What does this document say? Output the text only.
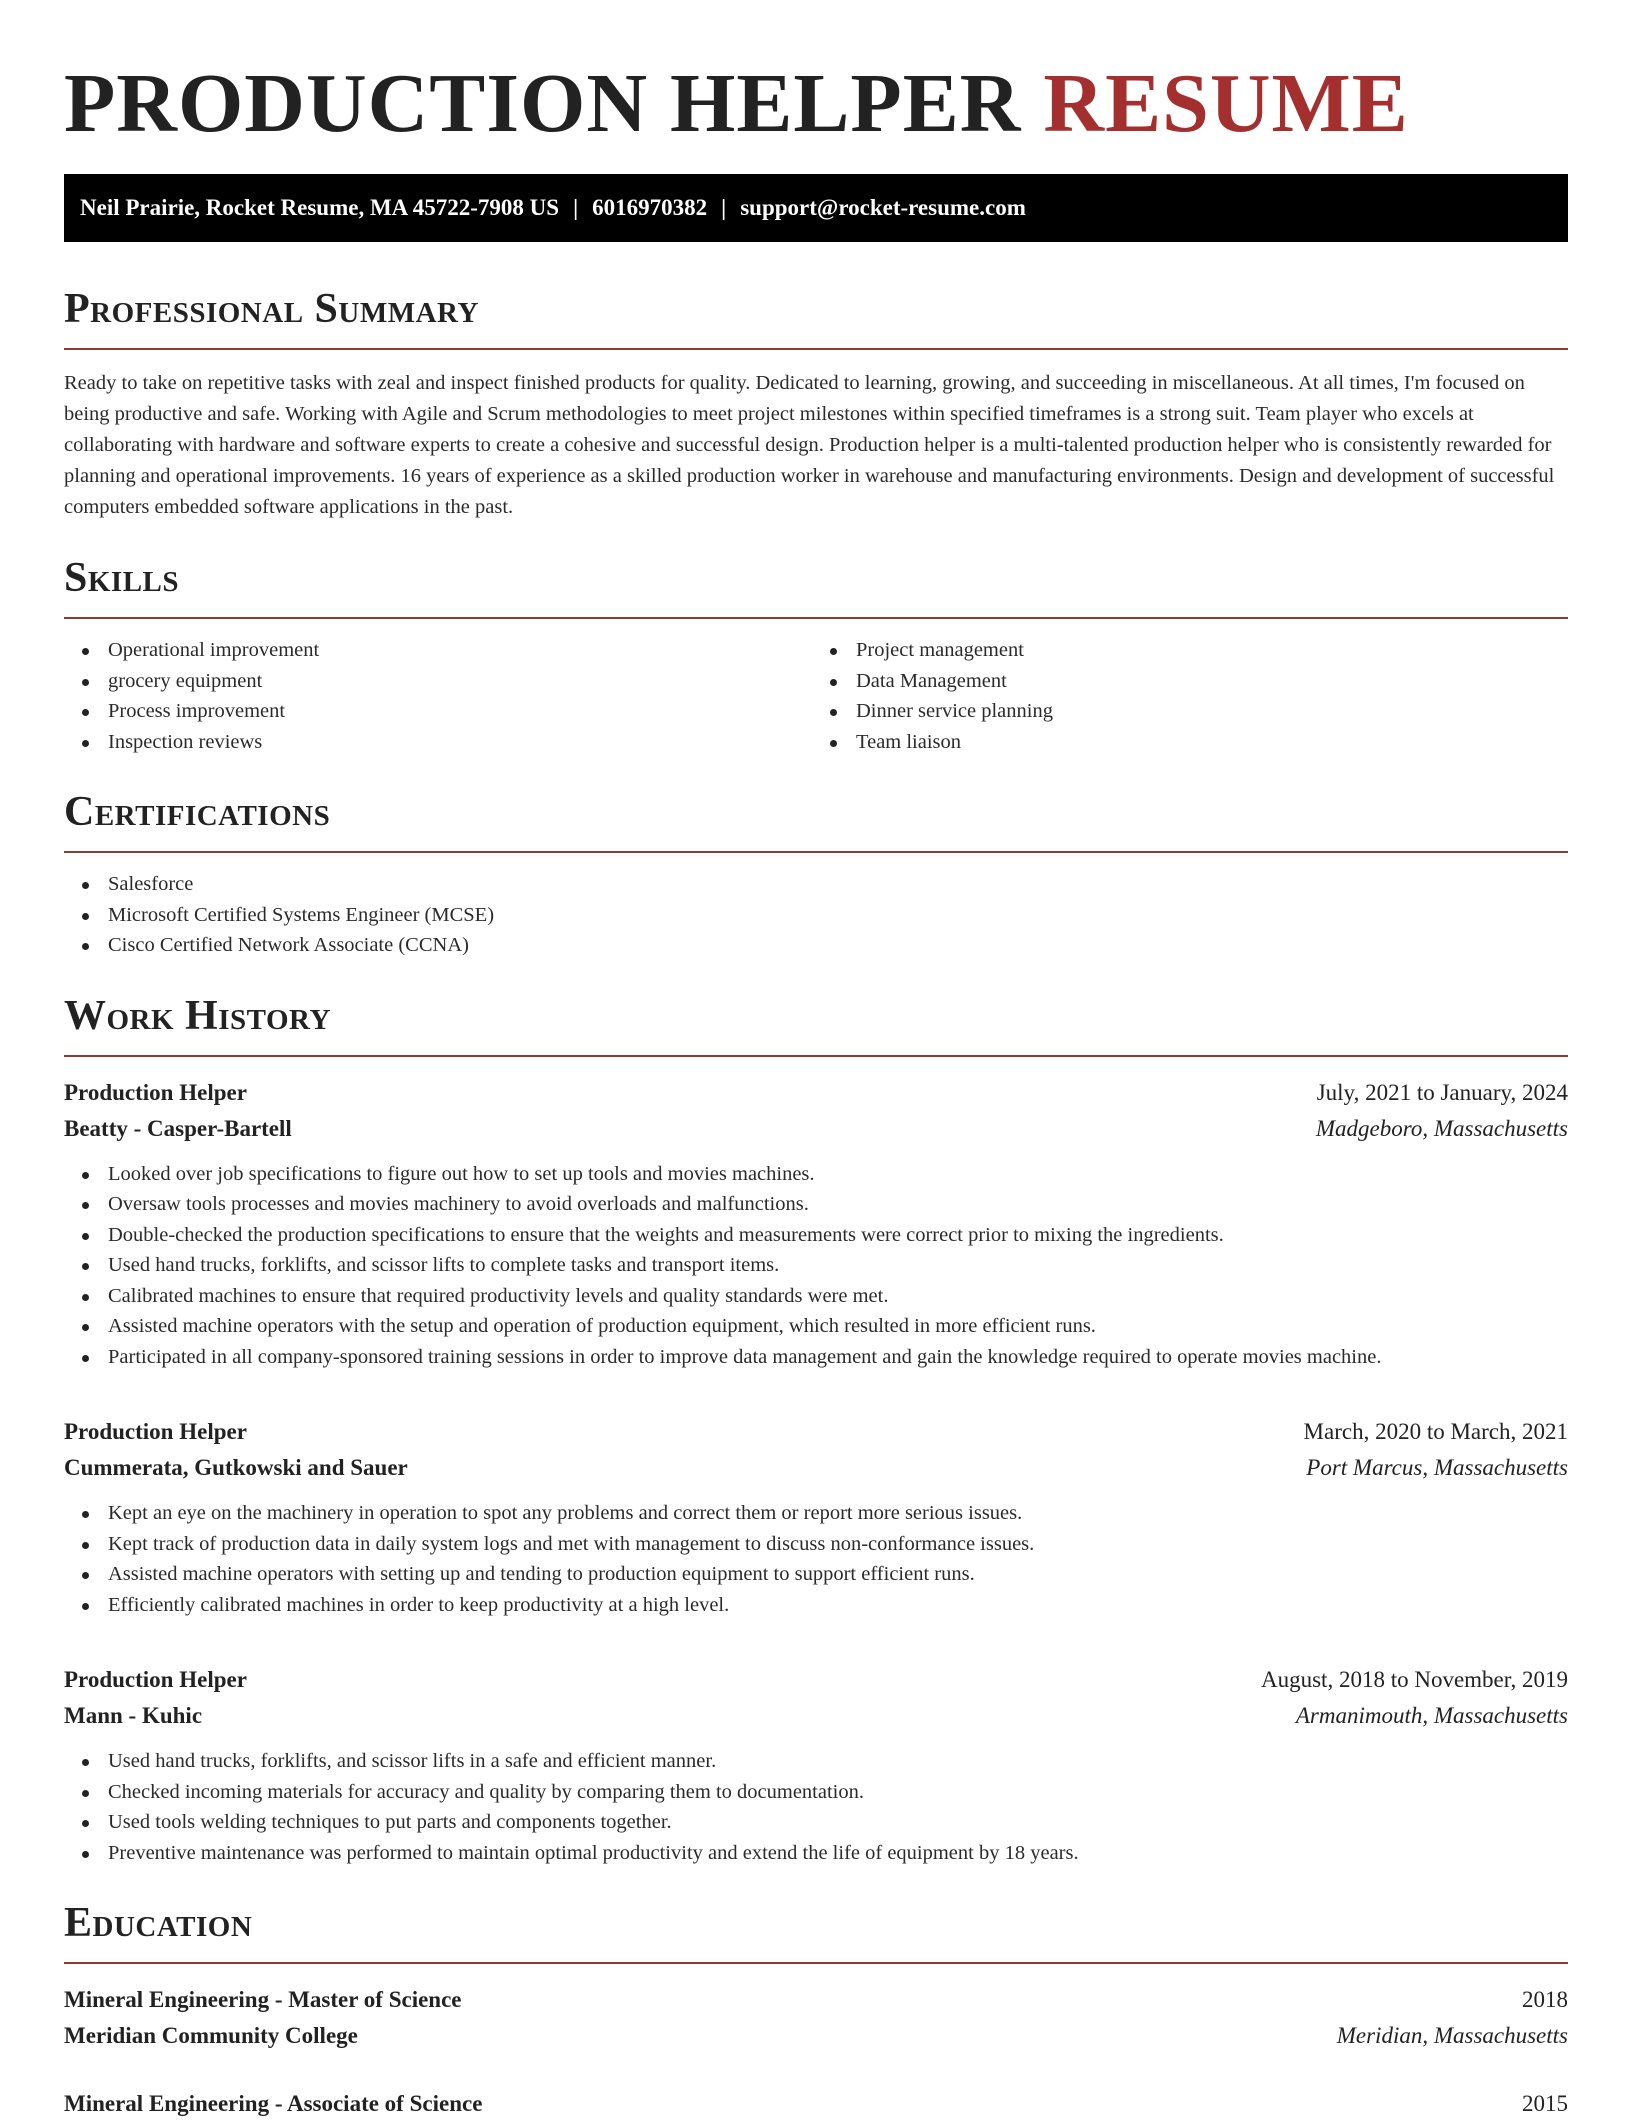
PRODUCTION HELPER RESUME
Neil Prairie, Rocket Resume, MA 45722-7908 US | 6016970382 | support@rocket-resume.com
Professional Summary

Ready to take on repetitive tasks with zeal and inspect finished products for quality. Dedicated to learning, growing, and succeeding in miscellaneous. At all times, I'm focused on being productive and safe. Working with Agile and Scrum methodologies to meet project milestones within specified timeframes is a strong suit. Team player who excels at collaborating with hardware and software experts to create a cohesive and successful design. Production helper is a multi-talented production helper who is consistently rewarded for planning and operational improvements. 16 years of experience as a skilled production worker in warehouse and manufacturing environments. Design and development of successful computers embedded software applications in the past.

Skills
Operational improvement
grocery equipment
Process improvement
Inspection reviews
Project management
Data Management
Dinner service planning
Team liaison
Certifications
Salesforce
Microsoft Certified Systems Engineer (MCSE)
Cisco Certified Network Associate (CCNA)
Work History
Production Helper	July, 2021 to January, 2024
Beatty - Casper-Bartell	Madgeboro, Massachusetts
Looked over job specifications to figure out how to set up tools and movies machines.
Oversaw tools processes and movies machinery to avoid overloads and malfunctions.
Double-checked the production specifications to ensure that the weights and measurements were correct prior to mixing the ingredients.
Used hand trucks, forklifts, and scissor lifts to complete tasks and transport items.
Calibrated machines to ensure that required productivity levels and quality standards were met.
Assisted machine operators with the setup and operation of production equipment, which resulted in more efficient runs.
Participated in all company-sponsored training sessions in order to improve data management and gain the knowledge required to operate movies machine.
Production Helper	March, 2020 to March, 2021
Cummerata, Gutkowski and Sauer	Port Marcus, Massachusetts
Kept an eye on the machinery in operation to spot any problems and correct them or report more serious issues.
Kept track of production data in daily system logs and met with management to discuss non-conformance issues.
Assisted machine operators with setting up and tending to production equipment to support efficient runs.
Efficiently calibrated machines in order to keep productivity at a high level.
Production Helper	August, 2018 to November, 2019
Mann - Kuhic	Armanimouth, Massachusetts
Used hand trucks, forklifts, and scissor lifts in a safe and efficient manner.
Checked incoming materials for accuracy and quality by comparing them to documentation.
Used tools welding techniques to put parts and components together.
Preventive maintenance was performed to maintain optimal productivity and extend the life of equipment by 18 years.
Education
Mineral Engineering - Master of Science	2018
Meridian Community College	Meridian, Massachusetts
Mineral Engineering - Associate of Science	2015
